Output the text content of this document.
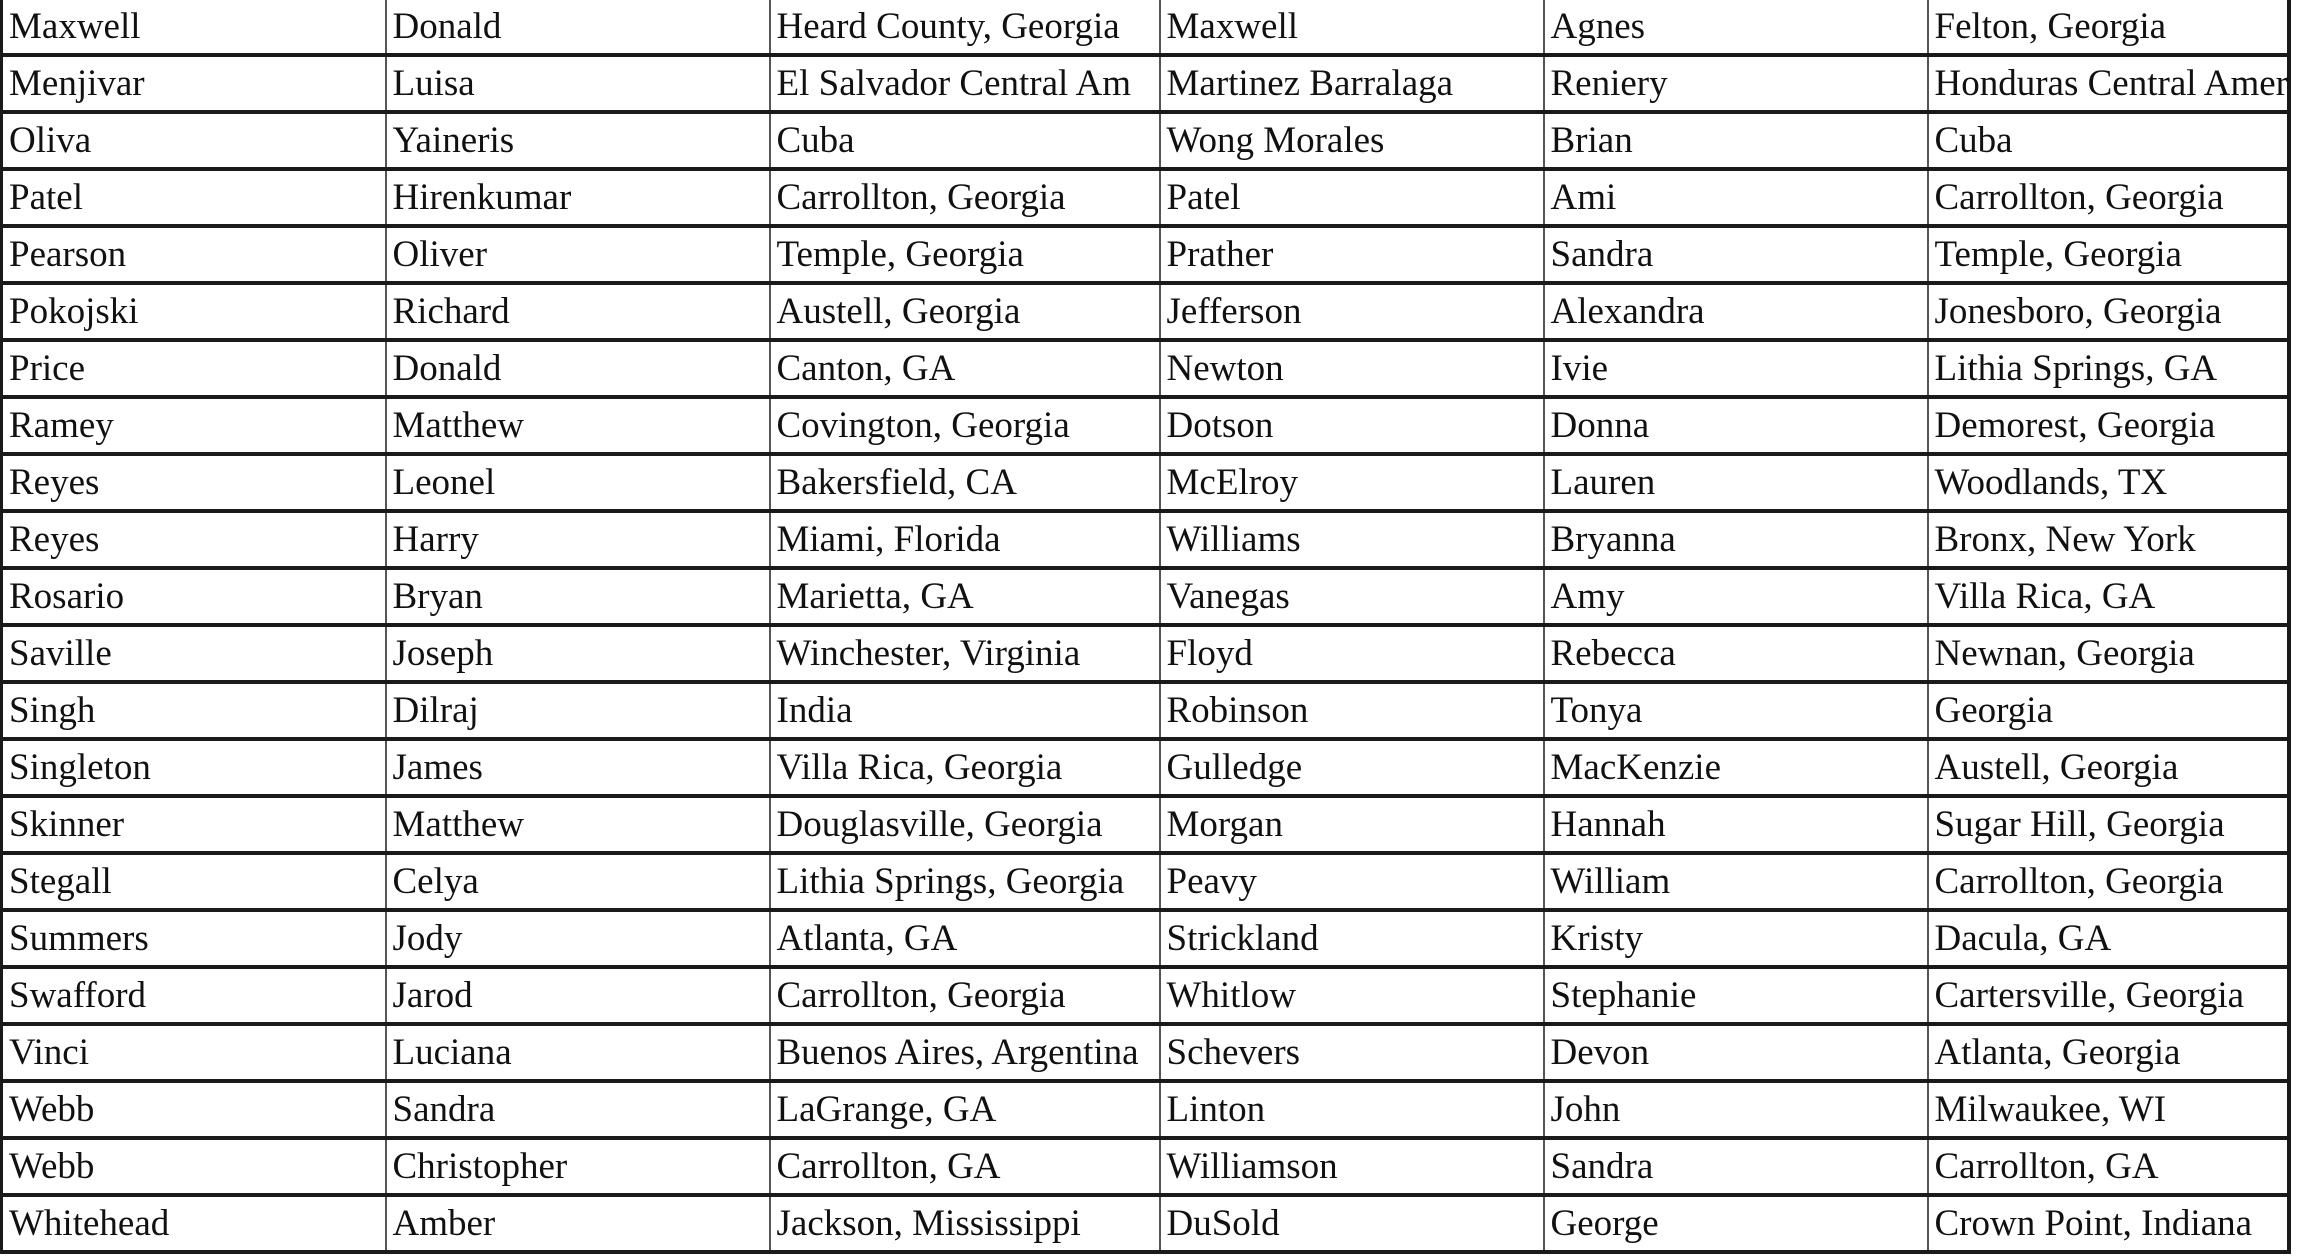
Maxwell	Donald	Heard County, Georgia	Maxwell	Agnes	Felton, Georgia
Menjivar	Luisa	El Salvador Central Am	Martinez Barralaga	Reniery	Honduras Central Amer
Oliva	Yaineris	Cuba	Wong Morales	Brian	Cuba
Patel	Hirenkumar	Carrollton, Georgia	Patel	Ami	Carrollton, Georgia
Pearson	Oliver	Temple, Georgia	Prather	Sandra	Temple, Georgia
Pokojski	Richard	Austell, Georgia	Jefferson	Alexandra	Jonesboro, Georgia
Price	Donald	Canton, GA	Newton	Ivie	Lithia Springs, GA
Ramey	Matthew	Covington, Georgia	Dotson	Donna	Demorest, Georgia
Reyes	Leonel	Bakersfield, CA	McElroy	Lauren	Woodlands, TX
Reyes	Harry	Miami, Florida	Williams	Bryanna	Bronx, New York
Rosario	Bryan	Marietta, GA	Vanegas	Amy	Villa Rica, GA
Saville	Joseph	Winchester, Virginia	Floyd	Rebecca	Newnan, Georgia
Singh	Dilraj	India	Robinson	Tonya	Georgia
Singleton	James	Villa Rica, Georgia	Gulledge	MacKenzie	Austell, Georgia
Skinner	Matthew	Douglasville, Georgia	Morgan	Hannah	Sugar Hill, Georgia
Stegall	Celya	Lithia Springs, Georgia	Peavy	William	Carrollton, Georgia
Summers	Jody	Atlanta, GA	Strickland	Kristy	Dacula, GA
Swafford	Jarod	Carrollton, Georgia	Whitlow	Stephanie	Cartersville, Georgia
Vinci	Luciana	Buenos Aires, Argentina	Schevers	Devon	Atlanta, Georgia
Webb	Sandra	LaGrange, GA	Linton	John	Milwaukee, WI
Webb	Christopher	Carrollton, GA	Williamson	Sandra	Carrollton, GA
Whitehead	Amber	Jackson, Mississippi	DuSold	George	Crown Point, Indiana
